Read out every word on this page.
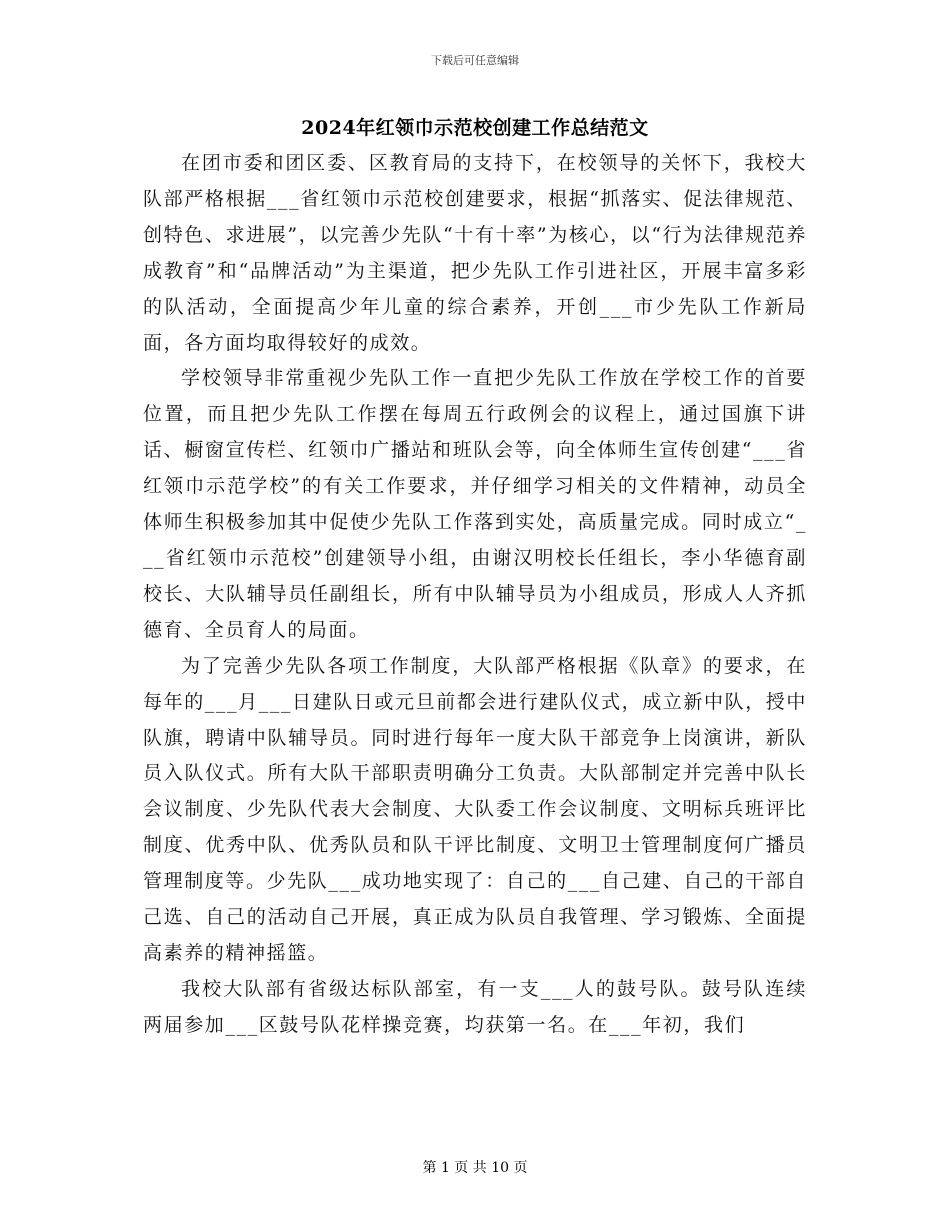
下载后可任意编辑
2024年红领巾示范校创建工作总结范文

在团市委和团区委、区教育局的支持下，在校领导的关怀下，我校大队部严格根据___省红领巾示范校创建要求，根据“抓落实、促法律规范、创特色、求进展”，以完善少先队“十有十率”为核心，以“行为法律规范养成教育”和“品牌活动”为主渠道，把少先队工作引进社区，开展丰富多彩的队活动，全面提高少年儿童的综合素养，开创___市少先队工作新局面，各方面均取得较好的成效。

学校领导非常重视少先队工作一直把少先队工作放在学校工作的首要位置，而且把少先队工作摆在每周五行政例会的议程上，通过国旗下讲话、橱窗宣传栏、红领巾广播站和班队会等，向全体师生宣传创建“___省红领巾示范学校”的有关工作要求，并仔细学习相关的文件精神，动员全体师生积极参加其中促使少先队工作落到实处，高质量完成。同时成立“___省红领巾示范校”创建领导小组，由谢汉明校长任组长，李小华德育副校长、大队辅导员任副组长，所有中队辅导员为小组成员，形成人人齐抓德育、全员育人的局面。

为了完善少先队各项工作制度，大队部严格根据《队章》的要求，在每年的___月___日建队日或元旦前都会进行建队仪式，成立新中队，授中队旗，聘请中队辅导员。同时进行每年一度大队干部竞争上岗演讲，新队员入队仪式。所有大队干部职责明确分工负责。大队部制定并完善中队长会议制度、少先队代表大会制度、大队委工作会议制度、文明标兵班评比制度、优秀中队、优秀队员和队干评比制度、文明卫士管理制度何广播员管理制度等。少先队___成功地实现了：自己的___自己建、自己的干部自己选、自己的活动自己开展，真正成为队员自我管理、学习锻炼、全面提高素养的精神摇篮。

我校大队部有省级达标队部室，有一支___人的鼓号队。鼓号队连续两届参加___区鼓号队花样操竞赛，均获第一名。在___年初，我们

第 1 页 共 10 页
